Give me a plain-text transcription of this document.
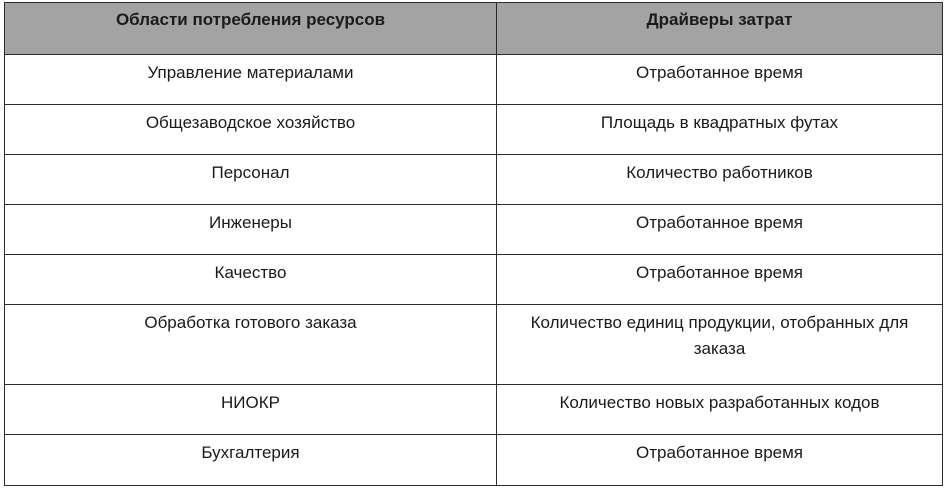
Области потребления ресурсов	Драйверы затрат
Управление материалами	Отработанное время
Общезаводское хозяйство	Площадь в квадратных футах
Персонал	Количество работников
Инженеры	Отработанное время
Качество	Отработанное время
Обработка готового заказа	Количество единиц продукции, отобранных для заказа
НИОКР	Количество новых разработанных кодов
Бухгалтерия	Отработанное время
